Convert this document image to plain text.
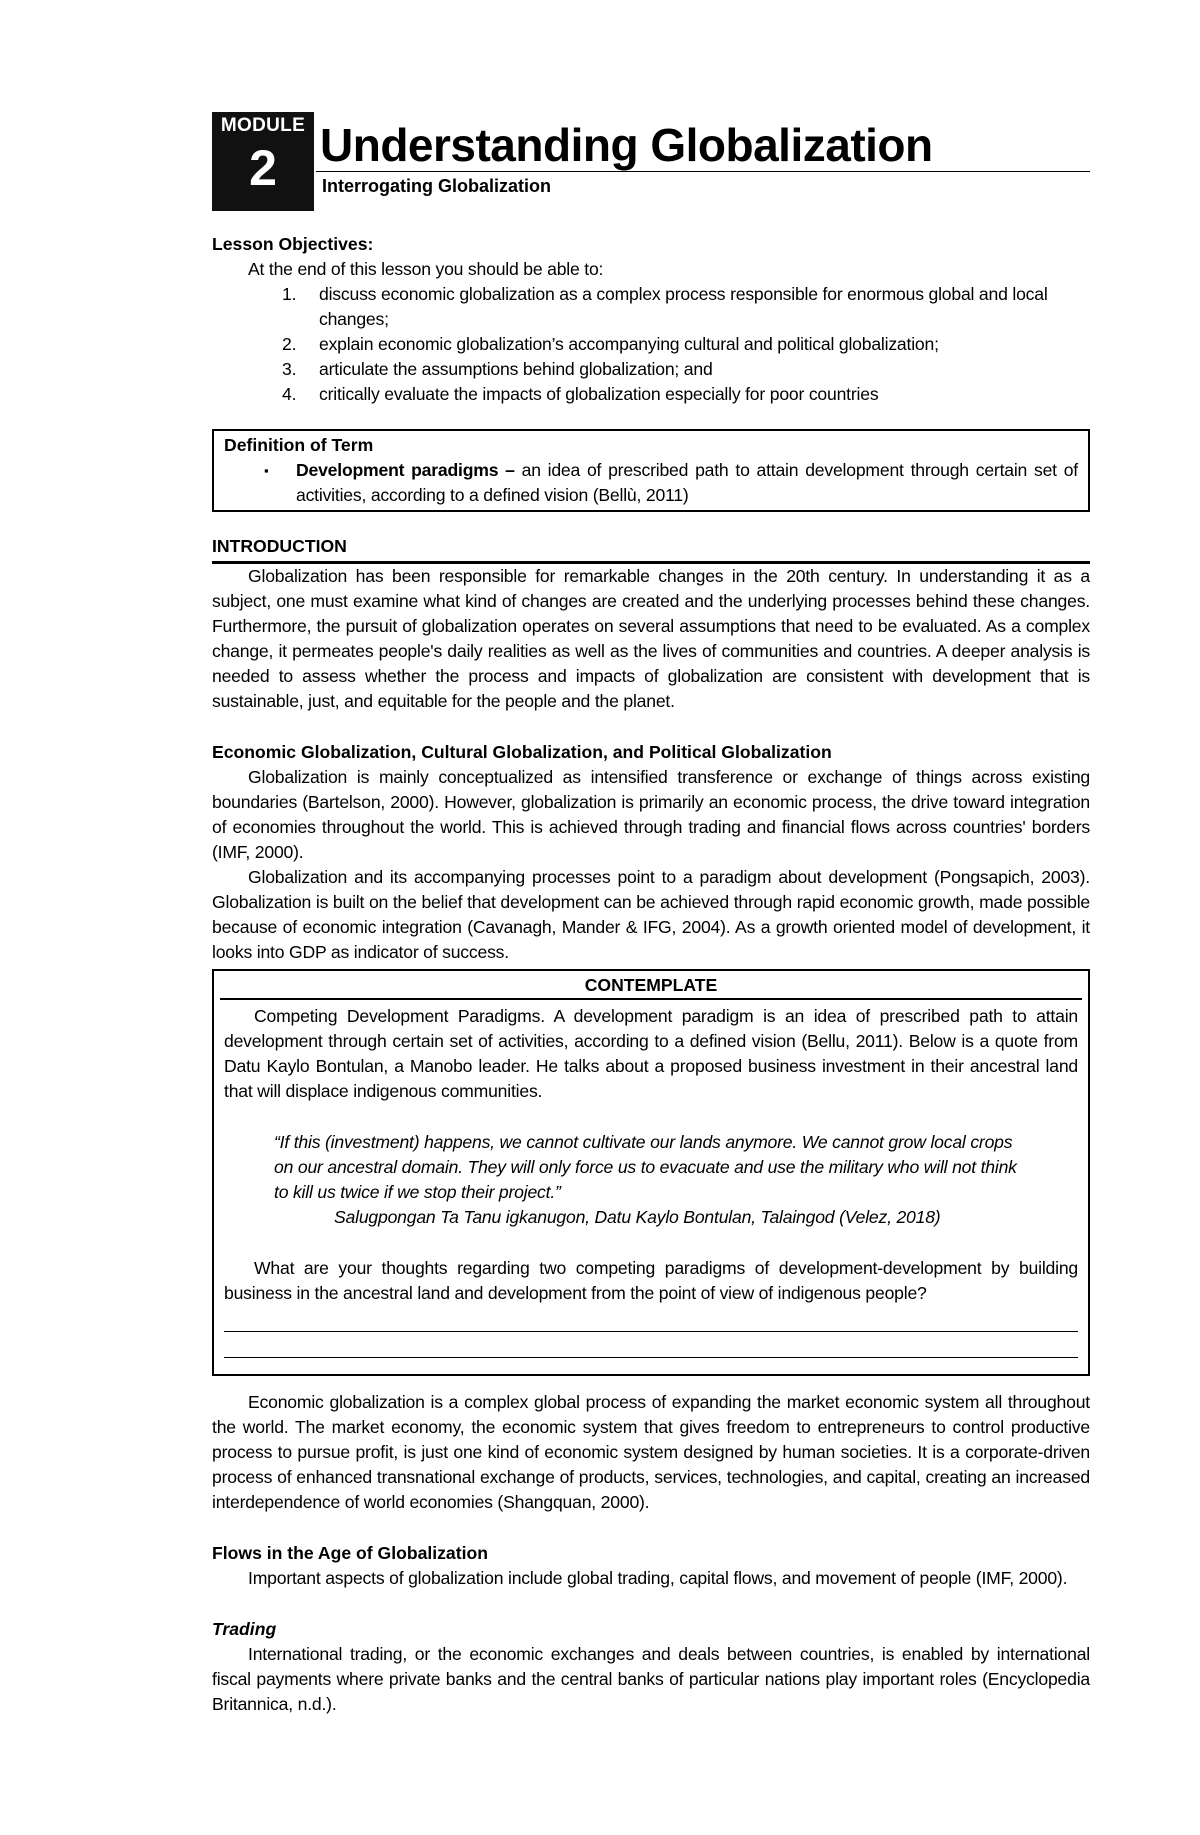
MODULE
2 Understanding Globalization
Interrogating Globalization

Lesson Objectives:

At the end of this lesson you should be able to:

1. discuss economic globalization as a complex process responsible for enormous global and local changes;
2. explain economic globalization’s accompanying cultural and political globalization;
3. articulate the assumptions behind globalization; and
4. critically evaluate the impacts of globalization especially for poor countries

Definition of Term

▪ Development paradigms – an idea of prescribed path to attain development through certain set of activities, according to a defined vision (Bellù, 2011)

INTRODUCTION

Globalization has been responsible for remarkable changes in the 20th century. In understanding it as a subject, one must examine what kind of changes are created and the underlying processes behind these changes. Furthermore, the pursuit of globalization operates on several assumptions that need to be evaluated. As a complex change, it permeates people's daily realities as well as the lives of communities and countries. A deeper analysis is needed to assess whether the process and impacts of globalization are consistent with development that is sustainable, just, and equitable for the people and the planet.

Economic Globalization, Cultural Globalization, and Political Globalization

Globalization is mainly conceptualized as intensified transference or exchange of things across existing boundaries (Bartelson, 2000). However, globalization is primarily an economic process, the drive toward integration of economies throughout the world. This is achieved through trading and financial flows across countries' borders (IMF, 2000).

Globalization and its accompanying processes point to a paradigm about development (Pongsapich, 2003). Globalization is built on the belief that development can be achieved through rapid economic growth, made possible because of economic integration (Cavanagh, Mander & IFG, 2004). As a growth oriented model of development, it looks into GDP as indicator of success.

CONTEMPLATE

Competing Development Paradigms. A development paradigm is an idea of prescribed path to attain development through certain set of activities, according to a defined vision (Bellu, 2011). Below is a quote from Datu Kaylo Bontulan, a Manobo leader. He talks about a proposed business investment in their ancestral land that will displace indigenous communities.

“If this (investment) happens, we cannot cultivate our lands anymore. We cannot grow local crops on our ancestral domain. They will only force us to evacuate and use the military who will not think to kill us twice if we stop their project.”

Salugpongan Ta Tanu igkanugon, Datu Kaylo Bontulan, Talaingod (Velez, 2018)

What are your thoughts regarding two competing paradigms of development-development by building business in the ancestral land and development from the point of view of indigenous people?

Economic globalization is a complex global process of expanding the market economic system all throughout the world. The market economy, the economic system that gives freedom to entrepreneurs to control productive process to pursue profit, is just one kind of economic system designed by human societies. It is a corporate-driven process of enhanced transnational exchange of products, services, technologies, and capital, creating an increased interdependence of world economies (Shangquan, 2000).

Flows in the Age of Globalization

Important aspects of globalization include global trading, capital flows, and movement of people (IMF, 2000).

Trading

International trading, or the economic exchanges and deals between countries, is enabled by international fiscal payments where private banks and the central banks of particular nations play important roles (Encyclopedia Britannica, n.d.).
